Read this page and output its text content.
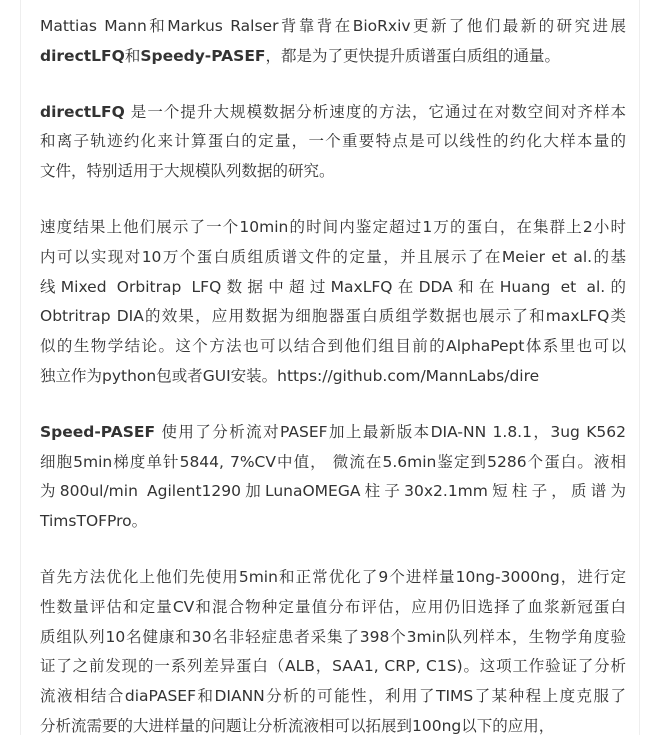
Mattias Mann和Markus Ralser背靠背在BioRxiv更新了他们最新的研究进展
directLFQ和Speedy-PASEF，都是为了更快提升质谱蛋白质组的通量。

directLFQ 是一个提升大规模数据分析速度的方法，它通过在对数空间对齐样本
和离子轨迹约化来计算蛋白的定量，一个重要特点是可以线性的约化大样本量的
文件，特别适用于大规模队列数据的研究。

速度结果上他们展示了一个10min的时间内鉴定超过1万的蛋白，在集群上2小时
内可以实现对10万个蛋白质组质谱文件的定量，并且展示了在Meier et al.的基
线Mixed Orbitrap LFQ数据中超过MaxLFQ在DDA和在Huang et al.的
Obtritrap DIA的效果，应用数据为细胞器蛋白质组学数据也展示了和maxLFQ类
似的生物学结论。这个方法也可以结合到他们组目前的AlphaPept体系里也可以
独立作为python包或者GUI安装。https://github.com/MannLabs/dire

Speed-PASEF 使用了分析流对PASEF加上最新版本DIA-NN 1.8.1，3ug K562
细胞5min梯度单针5844, 7%CV中值， 微流在5.6min鉴定到5286个蛋白。液相
为800ul/min Agilent1290加LunaOMEGA柱子30x2.1mm短柱子，质谱为
TimsTOFPro。

首先方法优化上他们先使用5min和正常优化了9个进样量10ng-3000ng，进行定
性数量评估和定量CV和混合物种定量值分布评估，应用仍旧选择了血浆新冠蛋白
质组队列10名健康和30名非轻症患者采集了398个3min队列样本，生物学角度验
证了之前发现的一系列差异蛋白（ALB，SAA1, CRP, C1S)。这项工作验证了分析
流液相结合diaPASEF和DIANN分析的可能性，利用了TIMS了某种程上度克服了
分析流需要的大进样量的问题让分析流液相可以拓展到100ng以下的应用，
